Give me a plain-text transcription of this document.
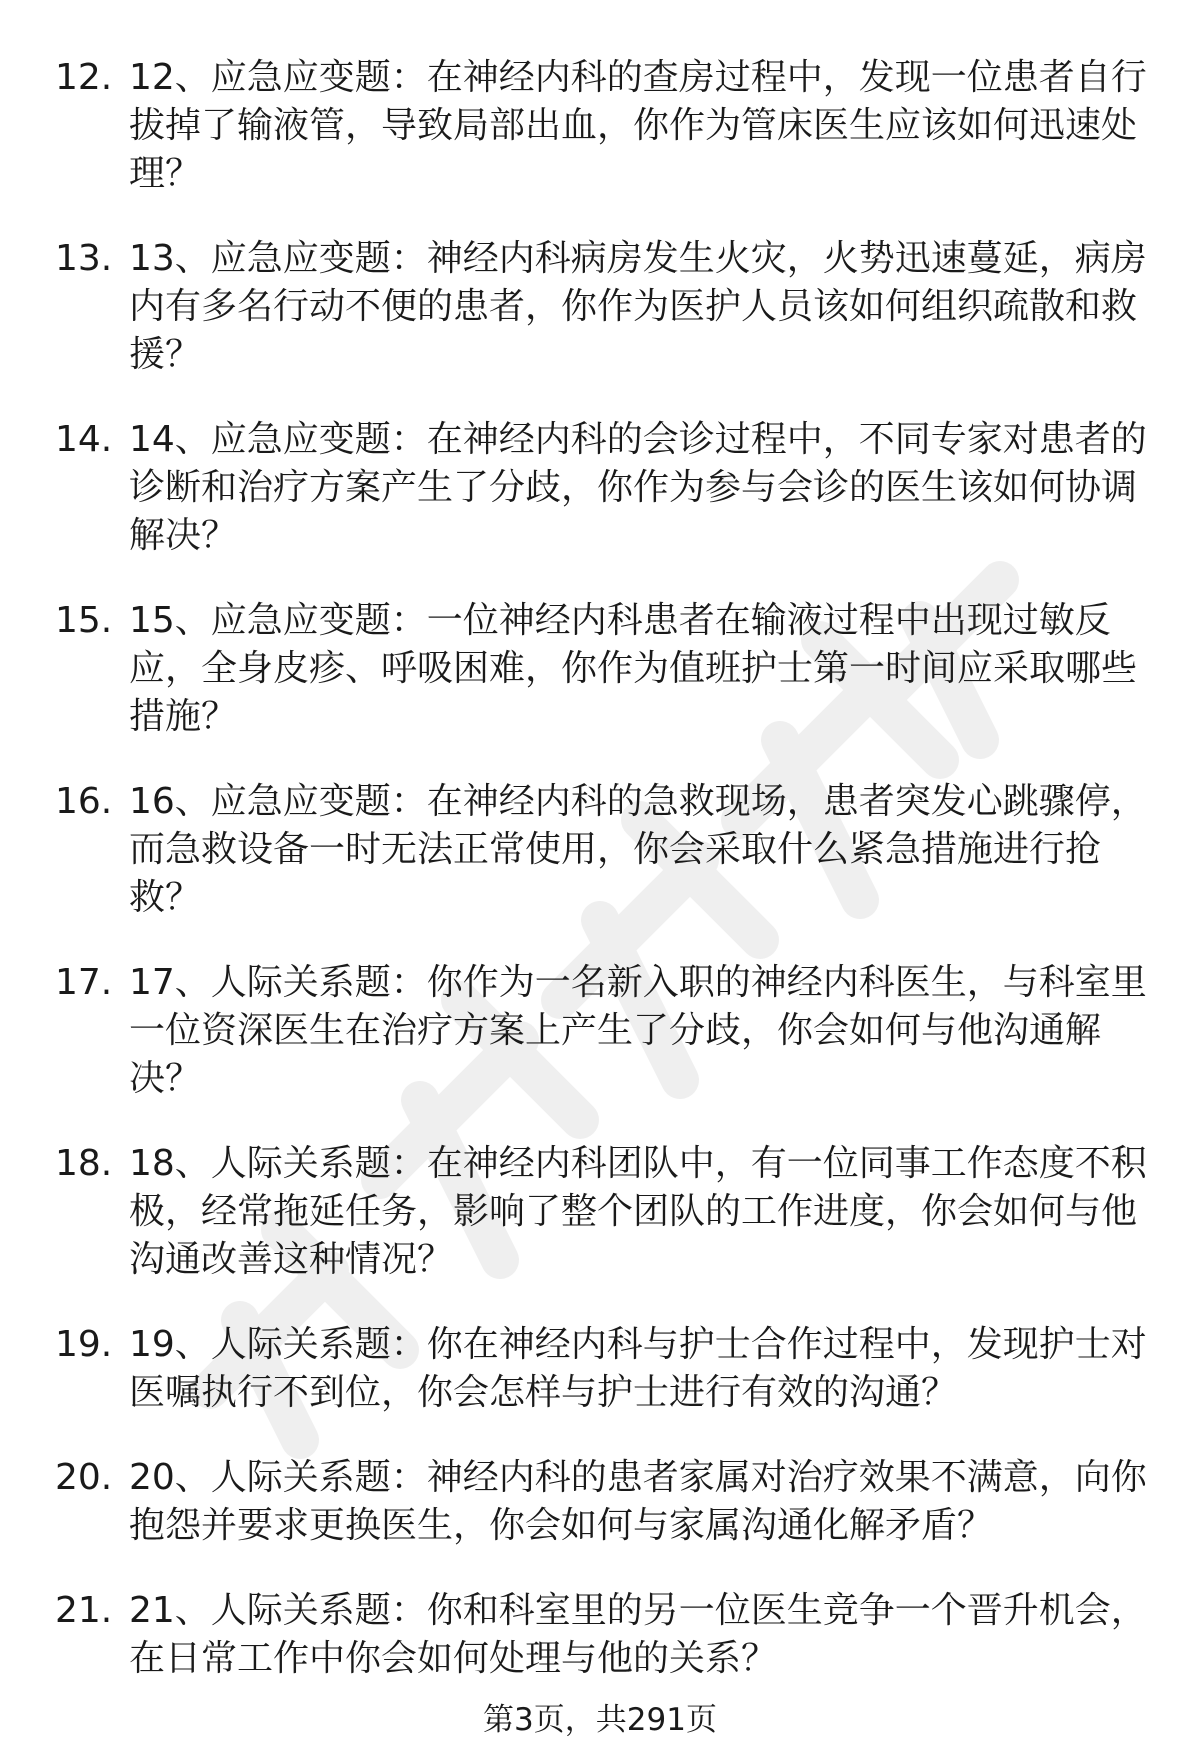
12. 12、应急应变题：在神经内科的查房过程中，发现一位患者自行拔掉了输液管，导致局部出血，你作为管床医生应该如何迅速处理？
13. 13、应急应变题：神经内科病房发生火灾，火势迅速蔓延，病房内有多名行动不便的患者，你作为医护人员该如何组织疏散和救援？
14. 14、应急应变题：在神经内科的会诊过程中，不同专家对患者的诊断和治疗方案产生了分歧，你作为参与会诊的医生该如何协调解决？
15. 15、应急应变题：一位神经内科患者在输液过程中出现过敏反应，全身皮疹、呼吸困难，你作为值班护士第一时间应采取哪些措施？
16. 16、应急应变题：在神经内科的急救现场，患者突发心跳骤停，而急救设备一时无法正常使用，你会采取什么紧急措施进行抢救？
17. 17、人际关系题：你作为一名新入职的神经内科医生，与科室里一位资深医生在治疗方案上产生了分歧，你会如何与他沟通解决？
18. 18、人际关系题：在神经内科团队中，有一位同事工作态度不积极，经常拖延任务，影响了整个团队的工作进度，你会如何与他沟通改善这种情况？
19. 19、人际关系题：你在神经内科与护士合作过程中，发现护士对医嘱执行不到位，你会怎样与护士进行有效的沟通？
20. 20、人际关系题：神经内科的患者家属对治疗效果不满意，向你抱怨并要求更换医生，你会如何与家属沟通化解矛盾？
21. 21、人际关系题：你和科室里的另一位医生竞争一个晋升机会，在日常工作中你会如何处理与他的关系？
第3页，共291页
